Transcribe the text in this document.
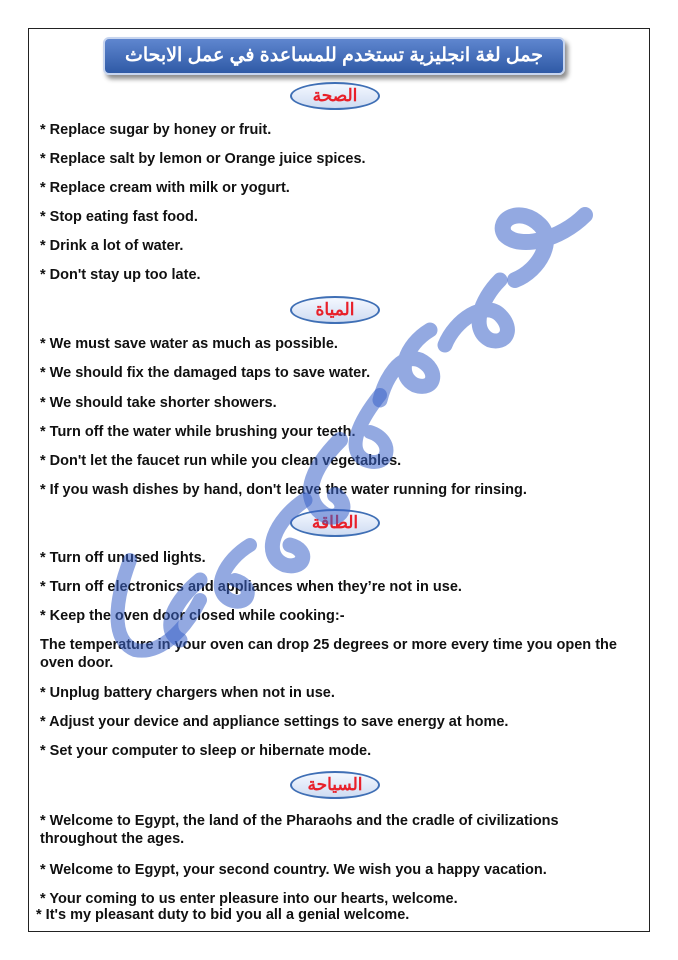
جمل لغة انجليزية تستخدم للمساعدة في عمل الابحاث
الصحة
* Replace sugar by honey or fruit.
* Replace salt by lemon or Orange juice spices.
* Replace cream with milk or yogurt.
* Stop eating fast food.
* Drink a lot of water.
* Don't stay up too late.
المياة
* We must save water as much as possible.
* We should fix the damaged taps to save water.
* We should take shorter showers.
* Turn off the water while brushing your teeth.
* Don't let the faucet run while you clean vegetables.
* If you wash dishes by hand, don't leave the water running for rinsing.
الطاقة
* Turn off unused lights.
* Turn off electronics and appliances when they’re not in use.
* Keep the oven door closed while cooking:-
The temperature in your oven can drop 25 degrees or more every time you open the oven door.
* Unplug battery chargers when not in use.
* Adjust your device and appliance settings to save energy at home.
* Set your computer to sleep or hibernate mode.
السياحة
* Welcome to Egypt, the land of the Pharaohs and the cradle of civilizations throughout the ages.
* Welcome to Egypt, your second country. We wish you a happy vacation.
* Your coming to us enter pleasure into our hearts, welcome.
* It's my pleasant duty to bid you all a genial welcome.
